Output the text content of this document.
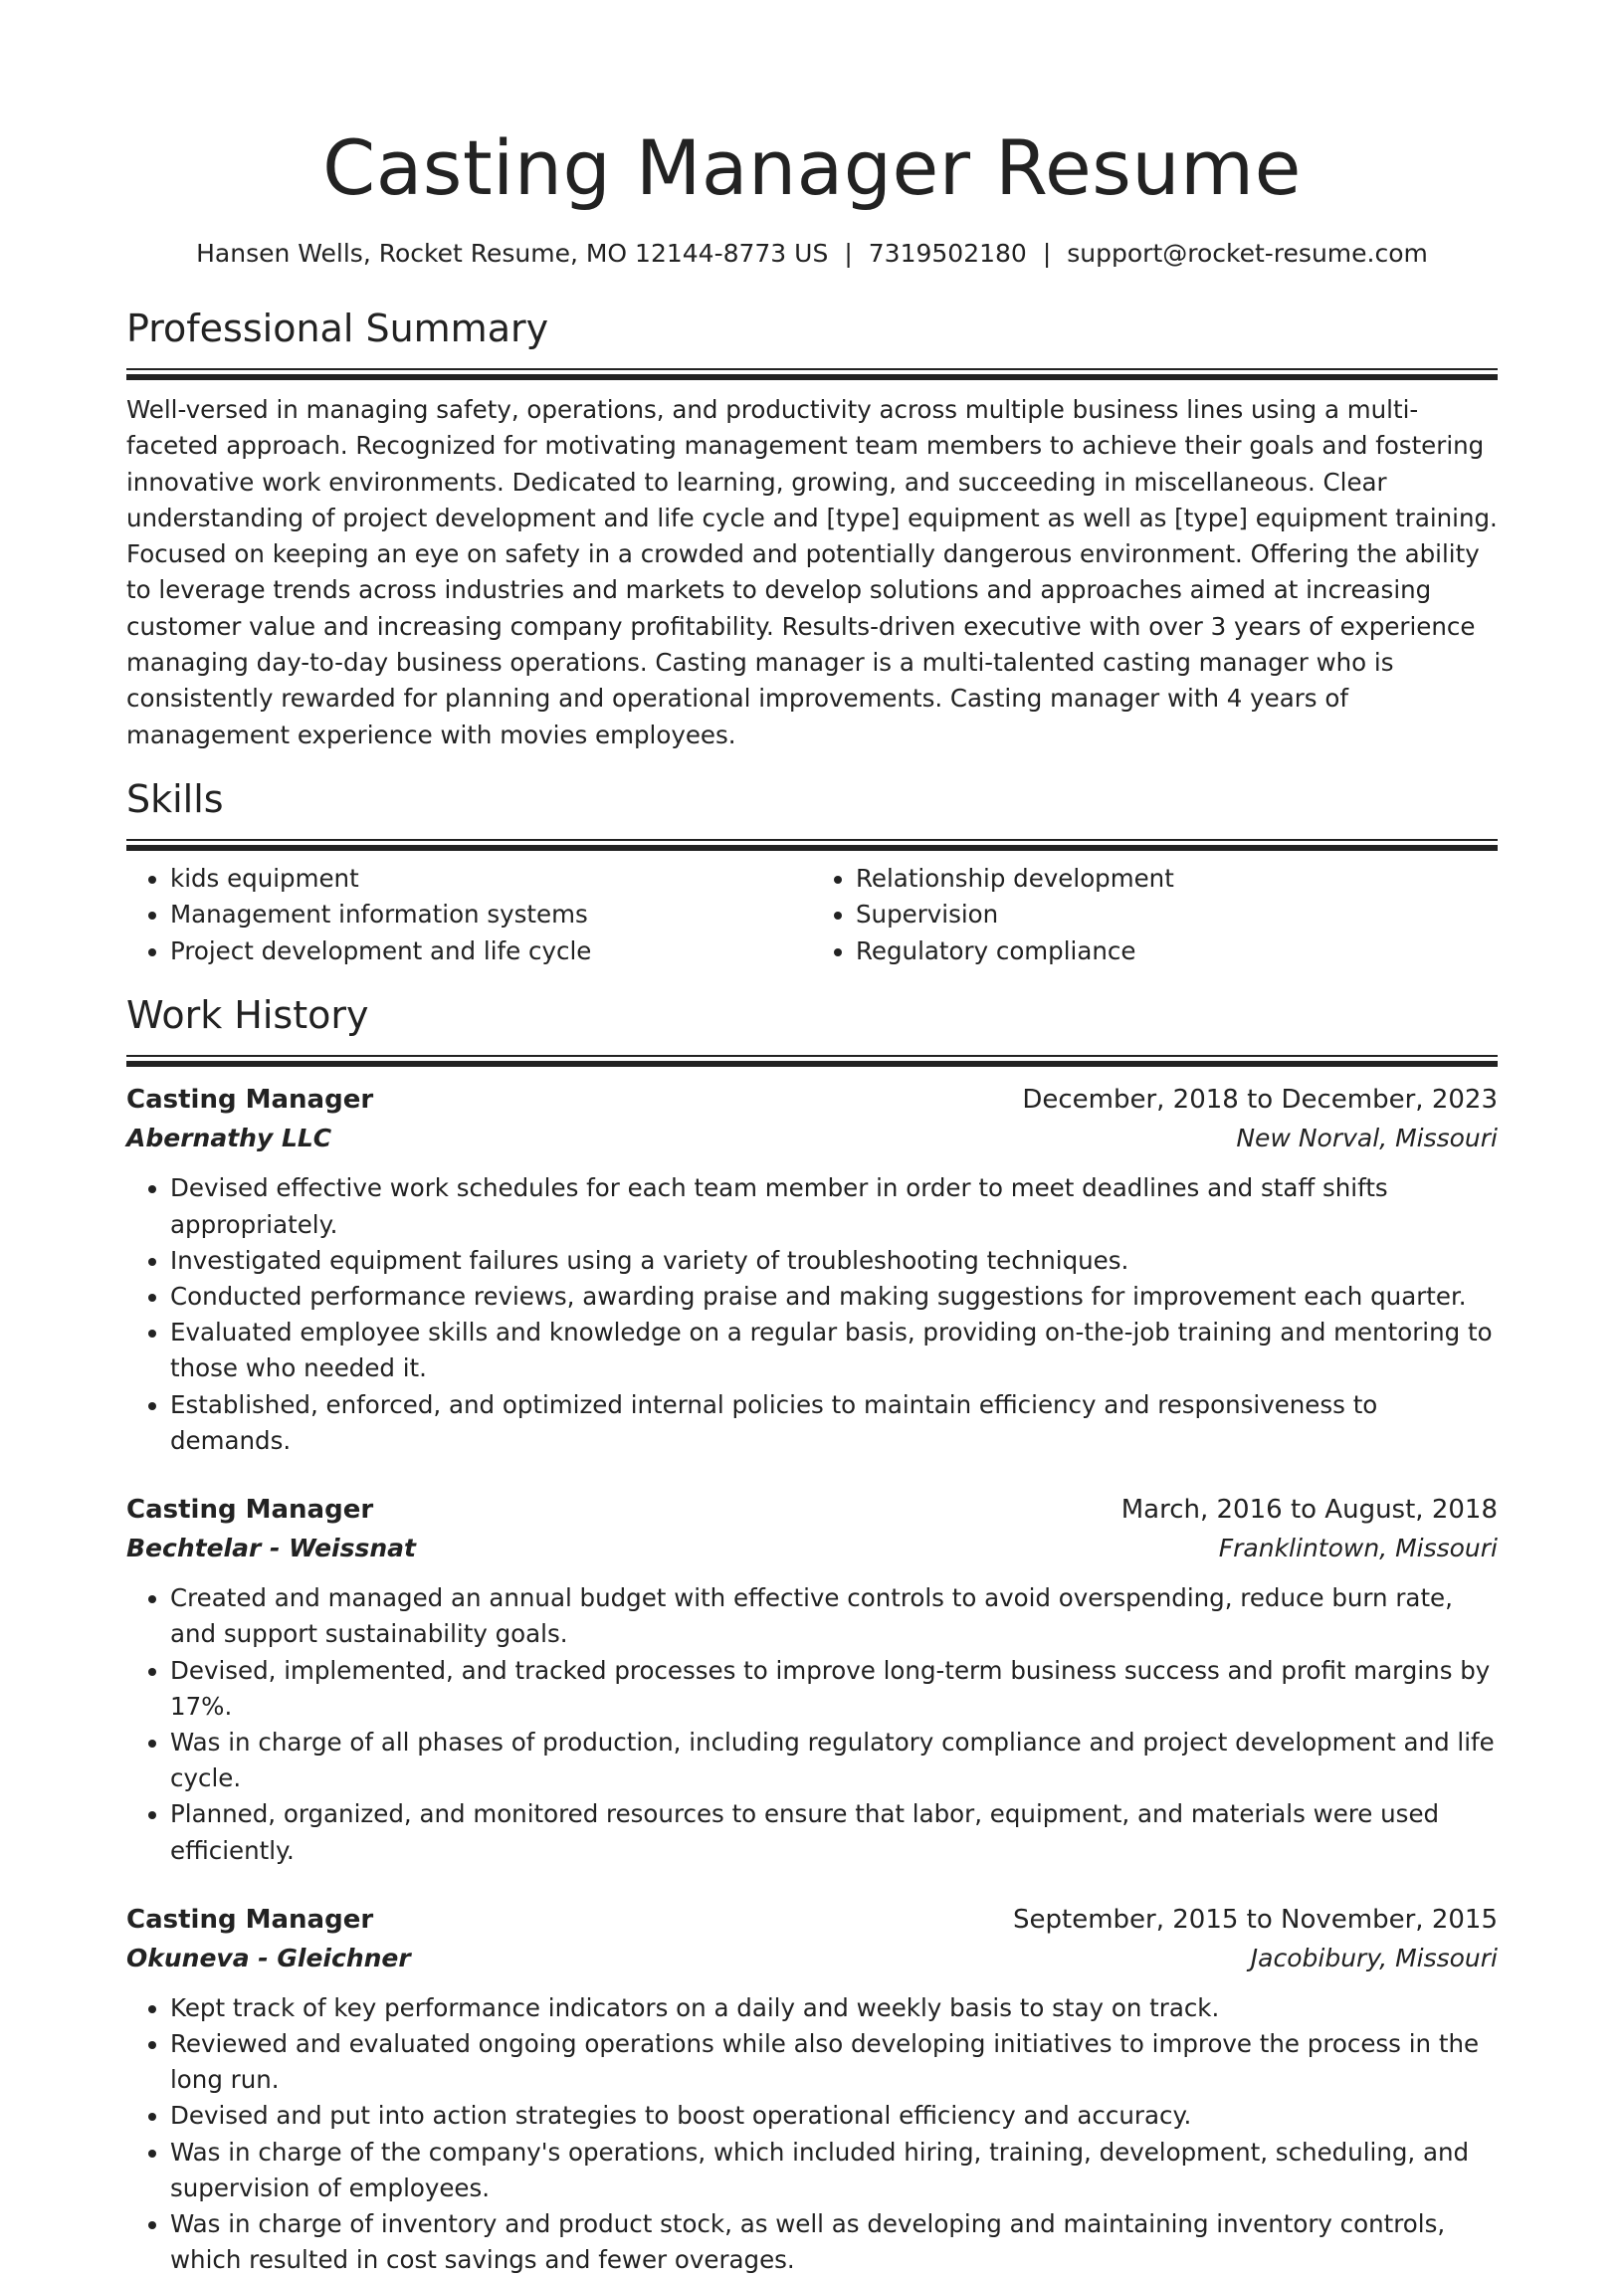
Casting Manager Resume
Hansen Wells, Rocket Resume, MO 12144-8773 US | 7319502180 | support@rocket-resume.com
Professional Summary

Well-versed in managing safety, operations, and productivity across multiple business lines using a multi-faceted approach. Recognized for motivating management team members to achieve their goals and fostering innovative work environments. Dedicated to learning, growing, and succeeding in miscellaneous. Clear understanding of project development and life cycle and [type] equipment as well as [type] equipment training. Focused on keeping an eye on safety in a crowded and potentially dangerous environment. Offering the ability to leverage trends across industries and markets to develop solutions and approaches aimed at increasing customer value and increasing company profitability. Results-driven executive with over 3 years of experience managing day-to-day business operations. Casting manager is a multi-talented casting manager who is consistently rewarded for planning and operational improvements. Casting manager with 4 years of management experience with movies employees.

Skills
• kids equipment
• Management information systems
• Project development and life cycle
• Relationship development
• Supervision
• Regulatory compliance
Work History
Casting Manager	December, 2018 to December, 2023
Abernathy LLC	New Norval, Missouri
• Devised effective work schedules for each team member in order to meet deadlines and staff shifts appropriately.
• Investigated equipment failures using a variety of troubleshooting techniques.
• Conducted performance reviews, awarding praise and making suggestions for improvement each quarter.
• Evaluated employee skills and knowledge on a regular basis, providing on-the-job training and mentoring to those who needed it.
• Established, enforced, and optimized internal policies to maintain efficiency and responsiveness to demands.
Casting Manager	March, 2016 to August, 2018
Bechtelar - Weissnat	Franklintown, Missouri
• Created and managed an annual budget with effective controls to avoid overspending, reduce burn rate, and support sustainability goals.
• Devised, implemented, and tracked processes to improve long-term business success and profit margins by 17%.
• Was in charge of all phases of production, including regulatory compliance and project development and life cycle.
• Planned, organized, and monitored resources to ensure that labor, equipment, and materials were used efficiently.
Casting Manager	September, 2015 to November, 2015
Okuneva - Gleichner	Jacobibury, Missouri
• Kept track of key performance indicators on a daily and weekly basis to stay on track.
• Reviewed and evaluated ongoing operations while also developing initiatives to improve the process in the long run.
• Devised and put into action strategies to boost operational efficiency and accuracy.
• Was in charge of the company's operations, which included hiring, training, development, scheduling, and supervision of employees.
• Was in charge of inventory and product stock, as well as developing and maintaining inventory controls, which resulted in cost savings and fewer overages.
